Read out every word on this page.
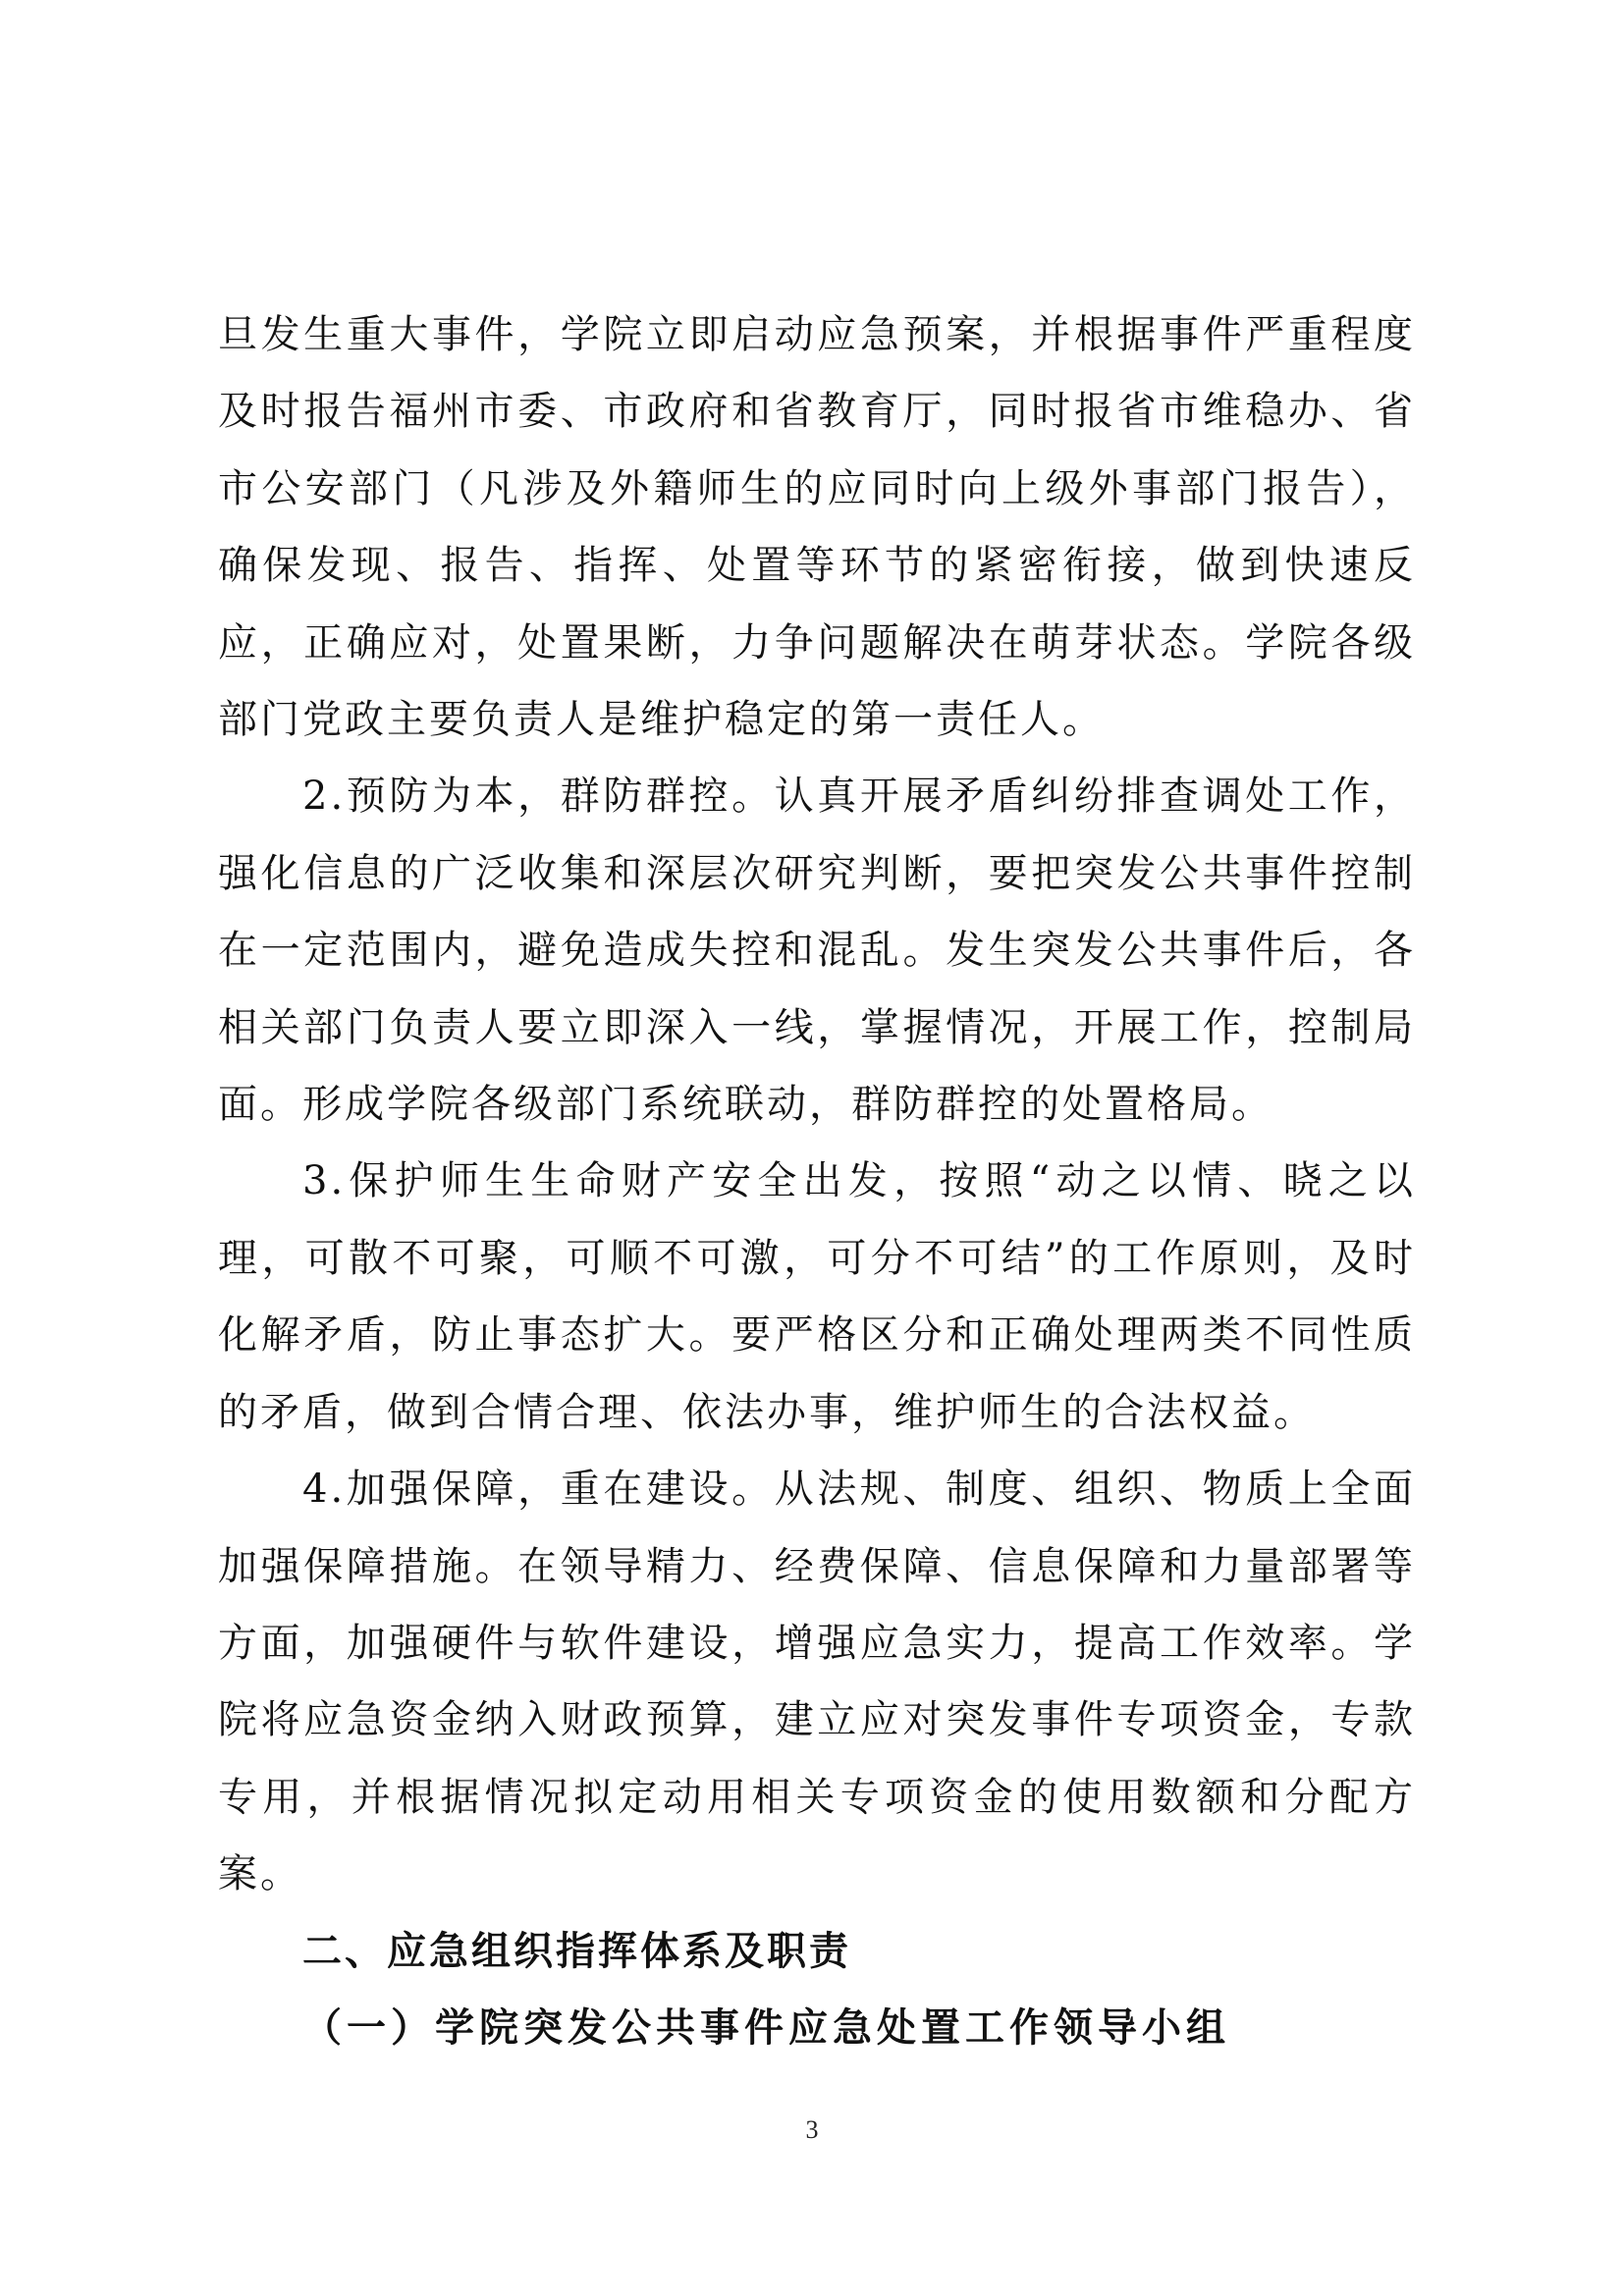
旦发生重大事件，学院立即启动应急预案，并根据事件严重程度及时报告福州市委、市政府和省教育厅，同时报省市维稳办、省市公安部门（凡涉及外籍师生的应同时向上级外事部门报告），确保发现、报告、指挥、处置等环节的紧密衔接，做到快速反应，正确应对，处置果断，力争问题解决在萌芽状态。学院各级部门党政主要负责人是维护稳定的第一责任人。

2.预防为本，群防群控。认真开展矛盾纠纷排查调处工作，强化信息的广泛收集和深层次研究判断，要把突发公共事件控制在一定范围内，避免造成失控和混乱。发生突发公共事件后，各相关部门负责人要立即深入一线，掌握情况，开展工作，控制局面。形成学院各级部门系统联动，群防群控的处置格局。

3.保护师生生命财产安全出发，按照“动之以情、晓之以理，可散不可聚，可顺不可激，可分不可结”的工作原则，及时化解矛盾，防止事态扩大。要严格区分和正确处理两类不同性质的矛盾，做到合情合理、依法办事，维护师生的合法权益。

4.加强保障，重在建设。从法规、制度、组织、物质上全面加强保障措施。在领导精力、经费保障、信息保障和力量部署等方面，加强硬件与软件建设，增强应急实力，提高工作效率。学院将应急资金纳入财政预算，建立应对突发事件专项资金，专款专用，并根据情况拟定动用相关专项资金的使用数额和分配方案。

二、应急组织指挥体系及职责

（一）学院突发公共事件应急处置工作领导小组

3
